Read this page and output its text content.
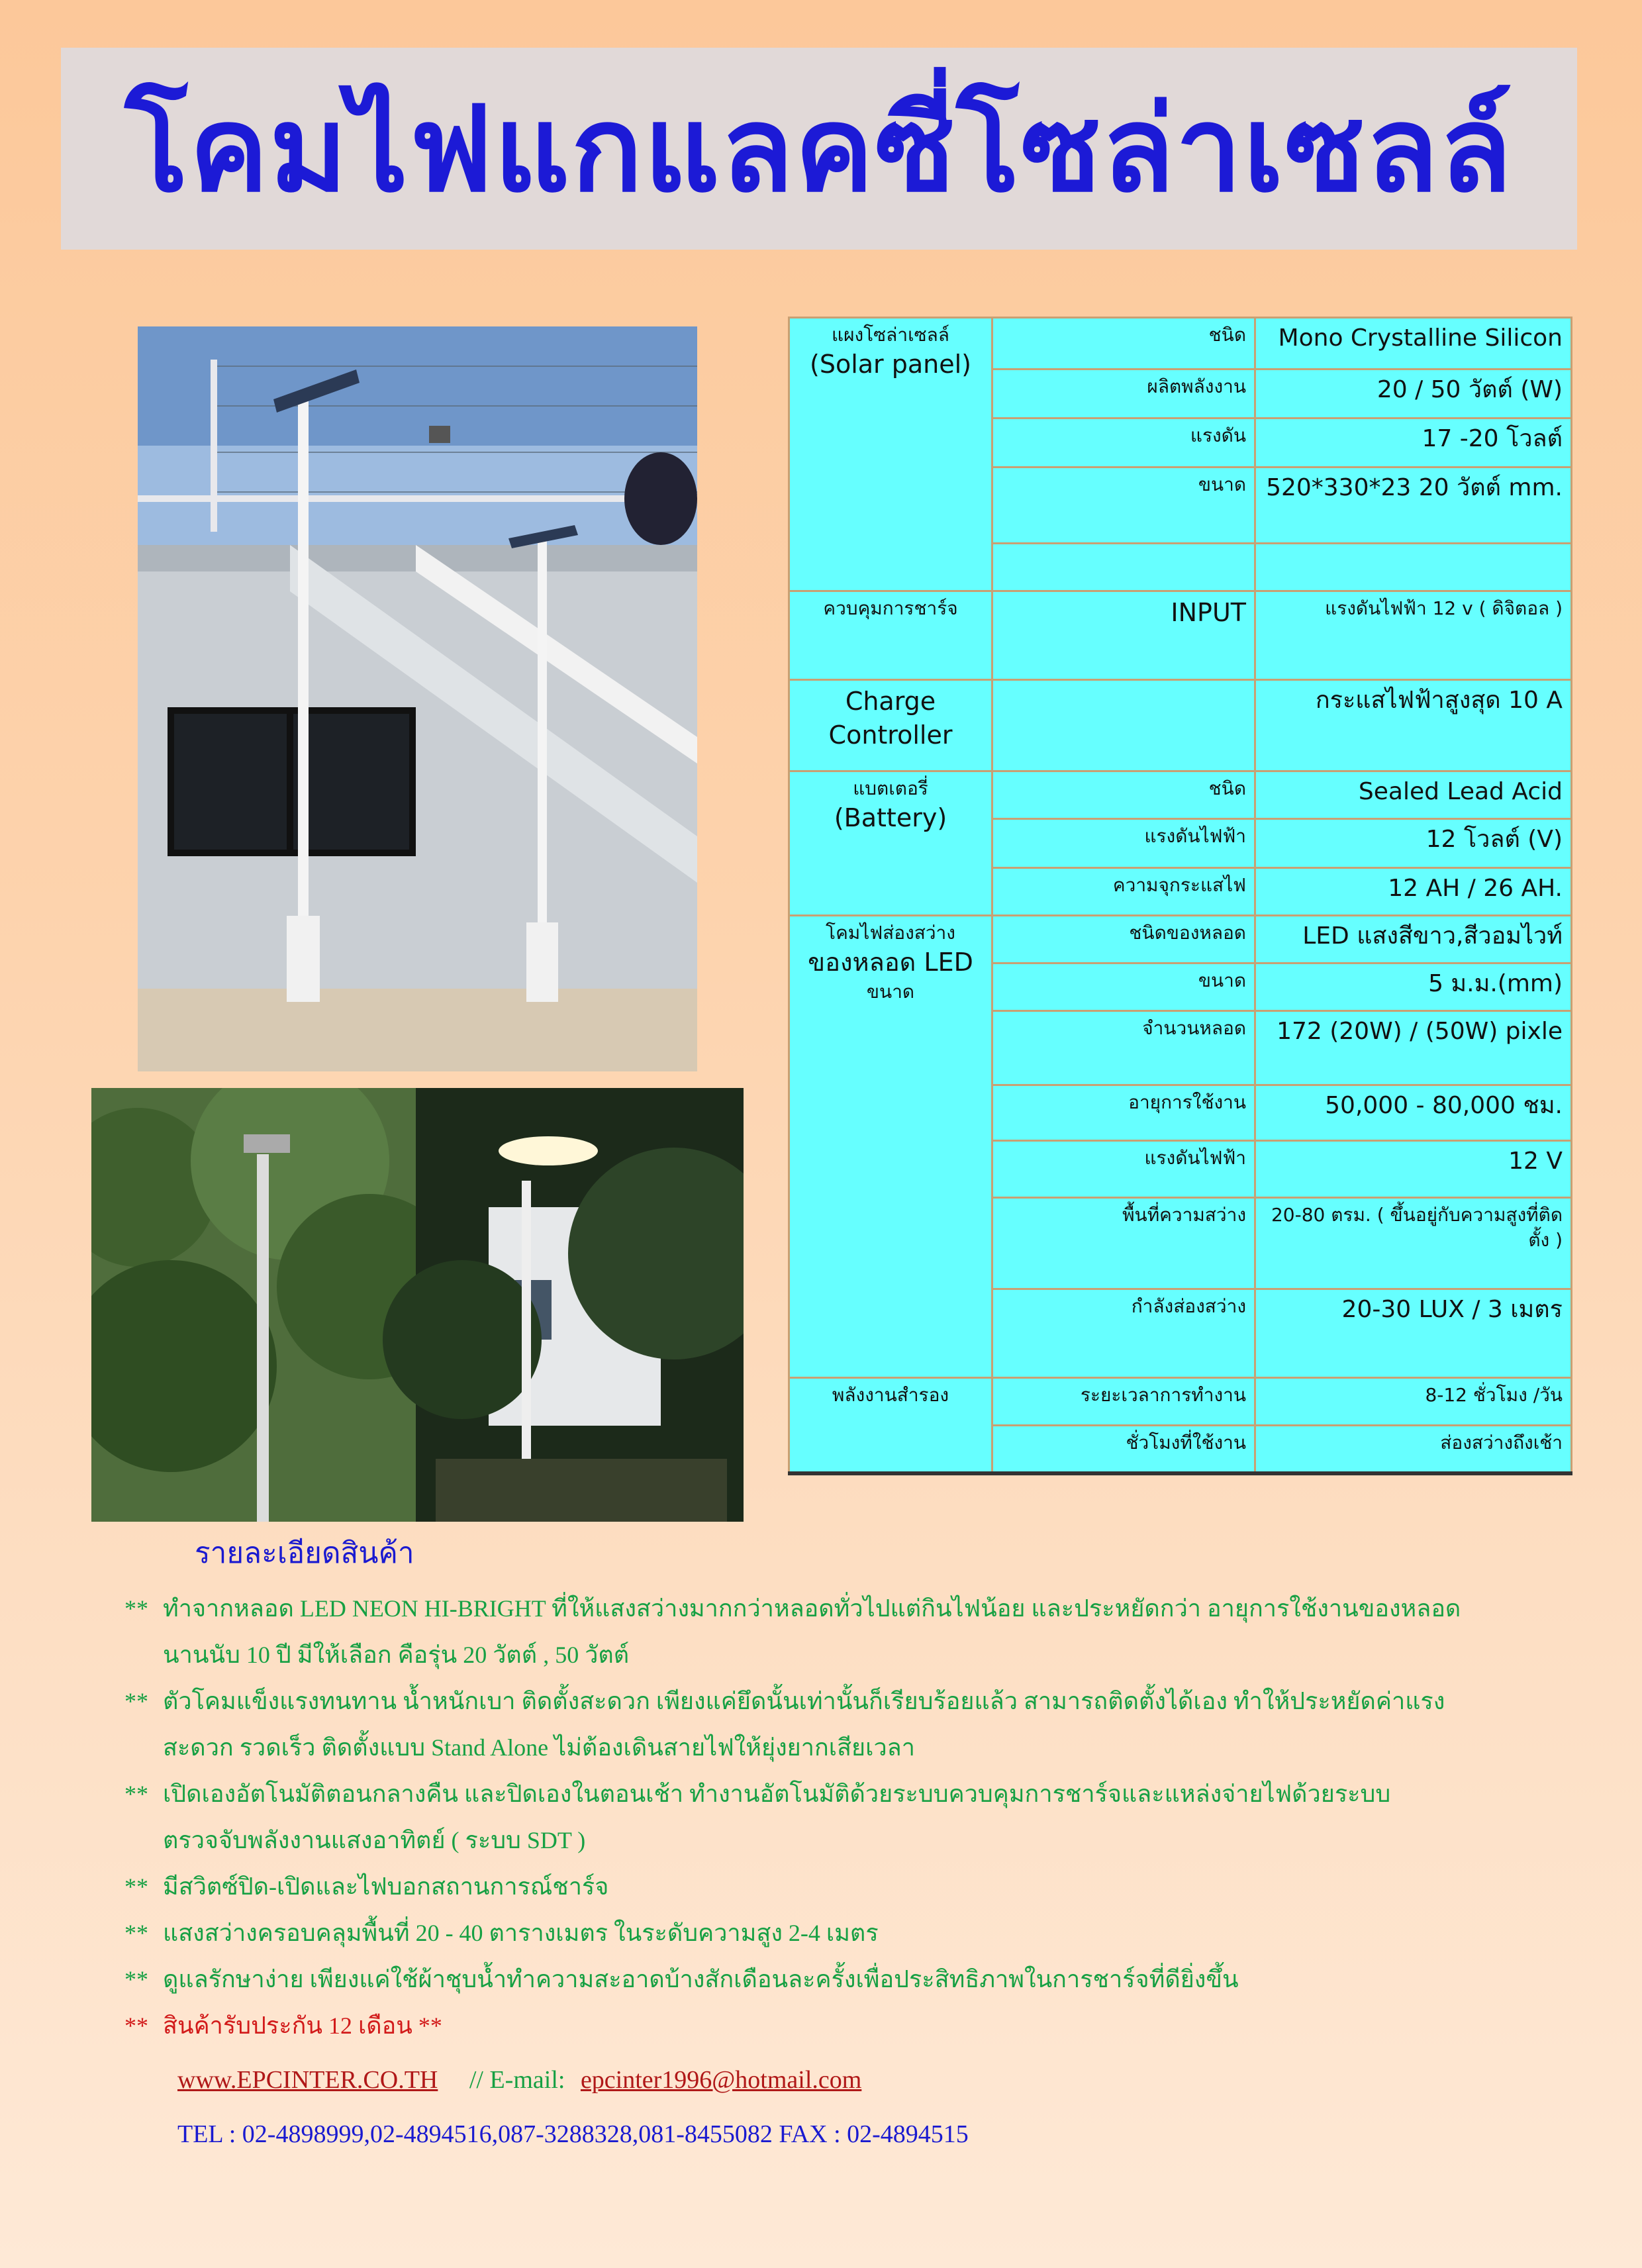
โคมไฟแกแลคซี่โซล่าเซลล์
แผงโซล่าเซลล์
(Solar panel)	ชนิด	Mono Crystalline Silicon
	ผลิตพลังงาน	20 / 50 วัตต์ (W)
	แรงดัน	17 -20 โวลต์
	ขนาด	520*330*23 20 วัตต์ mm.

ควบคุมการชาร์จ	INPUT	แรงดันไฟฟ้า 12 v ( ดิจิตอล )

Charge
Controller		กระแสไฟฟ้าสูงสุด 10 A

แบตเตอรี่
(Battery)	ชนิด	Sealed Lead Acid
	แรงดันไฟฟ้า	12 โวลต์ (V)
	ความจุกระแสไฟ	12 AH / 26 AH.

โคมไฟส่องสว่าง
ของหลอด LED
ขนาด	ชนิดของหลอด	LED แสงสีขาว,สีวอมไวท์
	ขนาด	5 ม.ม.(mm)
	จำนวนหลอด	172 (20W) / (50W) pixle
	อายุการใช้งาน	50,000 - 80,000 ชม.
	แรงดันไฟฟ้า	12 V
	พื้นที่ความสว่าง	20-80 ตรม. ( ขึ้นอยู่กับความสูงที่ติดตั้ง )
	กำลังส่องสว่าง	20-30 LUX / 3 เมตร

พลังงานสำรอง	ระยะเวลาการทำงาน	8-12 ชั่วโมง /วัน
	ชั่วโมงที่ใช้งาน	ส่องสว่างถึงเช้า
รายละเอียดสินค้า
** ทำจากหลอด LED NEON HI-BRIGHT ที่ให้แสงสว่างมากกว่าหลอดทั่วไปแต่กินไฟน้อย และประหยัดกว่า อายุการใช้งานของหลอด
นานนับ 10 ปี มีให้เลือก คือรุ่น 20 วัตต์ , 50 วัตต์
** ตัวโคมแข็งแรงทนทาน น้ำหนักเบา ติดตั้งสะดวก เพียงแค่ยึดนั้นเท่านั้นก็เรียบร้อยแล้ว สามารถติดตั้งได้เอง ทำให้ประหยัดค่าแรง
สะดวก รวดเร็ว ติดตั้งแบบ Stand Alone ไม่ต้องเดินสายไฟให้ยุ่งยากเสียเวลา
** เปิดเองอัตโนมัติตอนกลางคืน และปิดเองในตอนเช้า ทำงานอัตโนมัติด้วยระบบควบคุมการชาร์จและแหล่งจ่ายไฟด้วยระบบ
ตรวจจับพลังงานแสงอาทิตย์ ( ระบบ SDT )
** มีสวิตซ์ปิด-เปิดและไฟบอกสถานการณ์ชาร์จ
** แสงสว่างครอบคลุมพื้นที่ 20 - 40 ตารางเมตร ในระดับความสูง 2-4 เมตร
** ดูแลรักษาง่าย เพียงแค่ใช้ผ้าชุบน้ำทำความสะอาดบ้างสักเดือนละครั้งเพื่อประสิทธิภาพในการชาร์จที่ดียิ่งขึ้น
** สินค้ารับประกัน 12 เดือน **
www.EPCINTER.CO.TH // E-mail: epcinter1996@hotmail.com
TEL : 02-4898999,02-4894516,087-3288328,081-8455082 FAX : 02-4894515
